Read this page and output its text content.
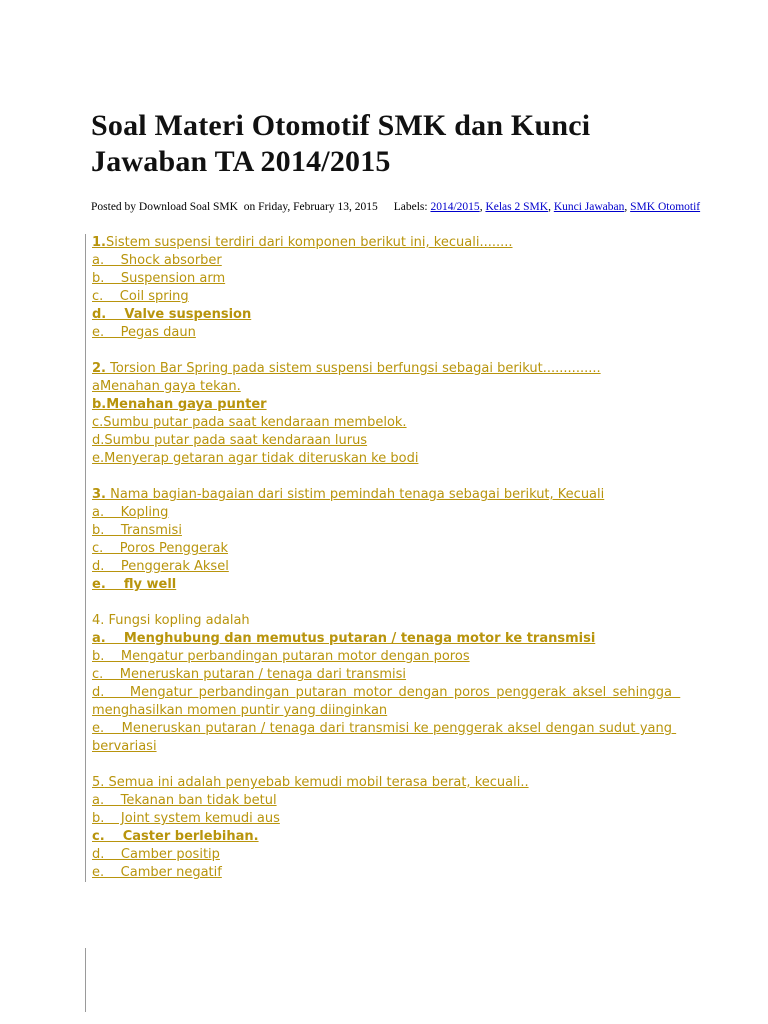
Soal Materi Otomotif SMK dan Kunci
Jawaban TA 2014/2015
Posted by Download Soal SMK  on Friday, February 13, 2015 Labels: 2014/2015, Kelas 2 SMK, Kunci Jawaban, SMK Otomotif

1.Sistem suspensi terdiri dari komponen berikut ini, kecuali........

a.    Shock absorber

b.    Suspension arm

c.    Coil spring

d.    Valve suspension

e.    Pegas daun

2. Torsion Bar Spring pada sistem suspensi berfungsi sebagai berikut..............

aMenahan gaya tekan.

b.Menahan gaya punter

c.Sumbu putar pada saat kendaraan membelok.

d.Sumbu putar pada saat kendaraan lurus

e.Menyerap getaran agar tidak diteruskan ke bodi

3. Nama bagian-bagaian dari sistim pemindah tenaga sebagai berikut, Kecuali

a.    Kopling

b.    Transmisi

c.    Poros Penggerak

d.    Penggerak Aksel

e.    fly well

4. Fungsi kopling adalah

a.    Menghubung dan memutus putaran / tenaga motor ke transmisi

b.    Mengatur perbandingan putaran motor dengan poros

c.    Meneruskan putaran / tenaga dari transmisi

d.    Mengatur perbandingan putaran motor dengan poros penggerak aksel sehingga  menghasilkan momen puntir yang diinginkan

e.    Meneruskan putaran / tenaga dari transmisi ke penggerak aksel dengan sudut yang bervariasi

5. Semua ini adalah penyebab kemudi mobil terasa berat, kecuali..

a.    Tekanan ban tidak betul

b.    Joint system kemudi aus

c.    Caster berlebihan.

d.    Camber positip

e.    Camber negatif
